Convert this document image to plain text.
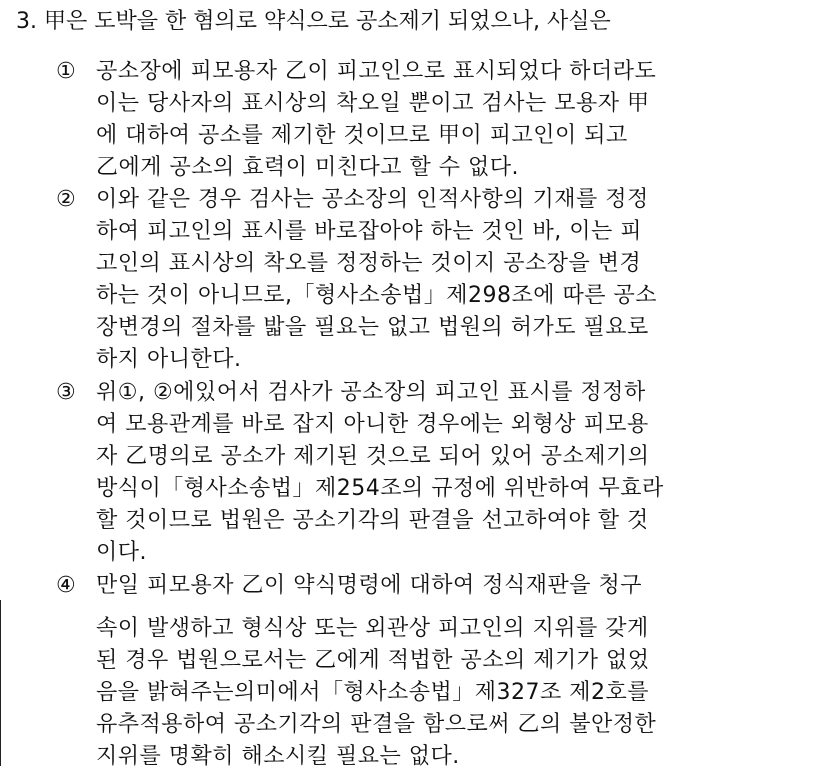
3. 甲은 도박을 한 혐의로 약식으로 공소제기 되었으나, 사실은
① 공소장에 피모용자 乙이 피고인으로 표시되었다 하더라도
이는 당사자의 표시상의 착오일 뿐이고 검사는 모용자 甲
에 대하여 공소를 제기한 것이므로 甲이 피고인이 되고
乙에게 공소의 효력이 미친다고 할 수 없다.
② 이와 같은 경우 검사는 공소장의 인적사항의 기재를 정정
하여 피고인의 표시를 바로잡아야 하는 것인 바, 이는 피
고인의 표시상의 착오를 정정하는 것이지 공소장을 변경
하는 것이 아니므로,「형사소송법」제298조에 따른 공소
장변경의 절차를 밟을 필요는 없고 법원의 허가도 필요로
하지 아니한다.
③ 위①, ②에있어서 검사가 공소장의 피고인 표시를 정정하
여 모용관계를 바로 잡지 아니한 경우에는 외형상 피모용
자 乙명의로 공소가 제기된 것으로 되어 있어 공소제기의
방식이「형사소송법」제254조의 규정에 위반하여 무효라
할 것이므로 법원은 공소기각의 판결을 선고하여야 할 것
이다.
④ 만일 피모용자 乙이 약식명령에 대하여 정식재판을 청구
속이 발생하고 형식상 또는 외관상 피고인의 지위를 갖게
된 경우 법원으로서는 乙에게 적법한 공소의 제기가 없었
음을 밝혀주는의미에서「형사소송법」제327조 제2호를
유추적용하여 공소기각의 판결을 함으로써 乙의 불안정한
지위를 명확히 해소시킬 필요는 없다.
